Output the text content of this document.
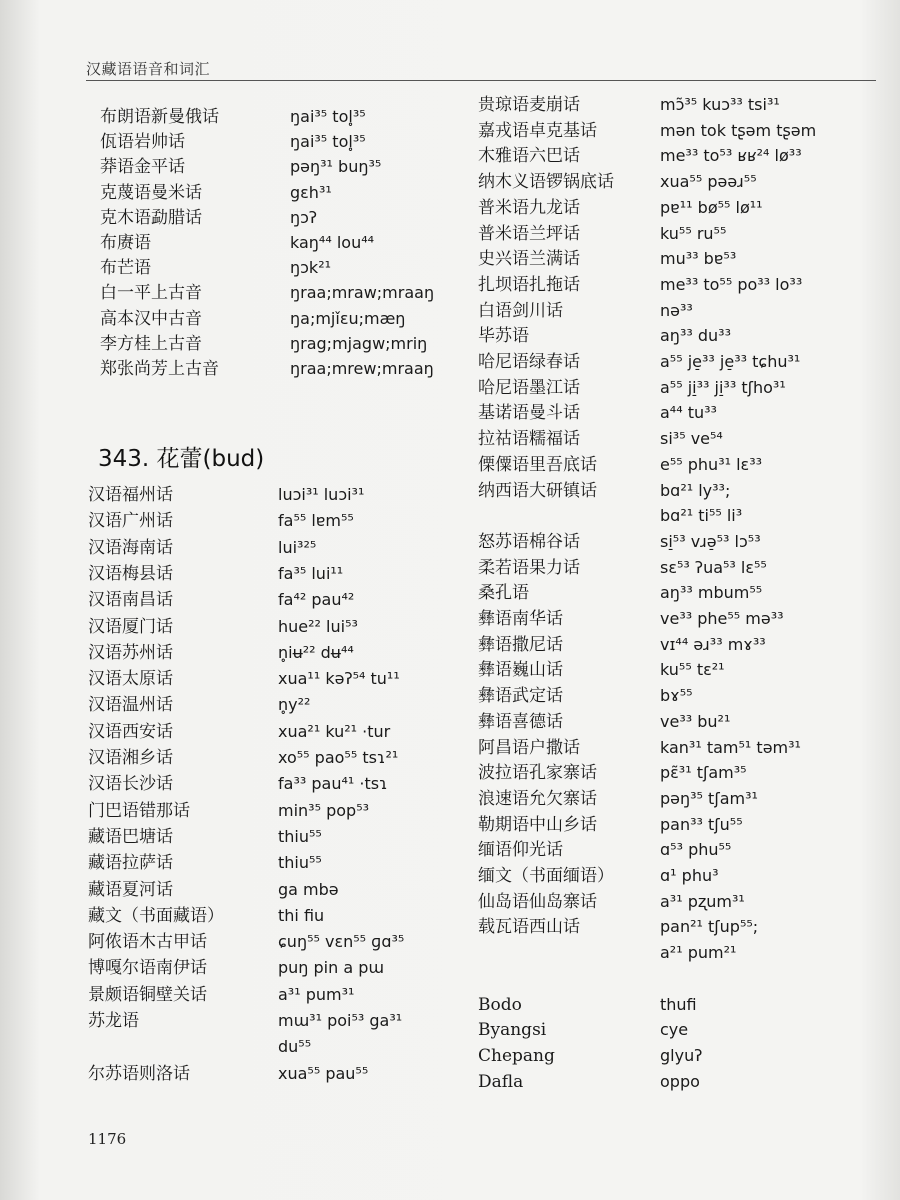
汉藏语语音和词汇
布朗语新曼俄话	ŋai³⁵ tol̥³⁵
佤语岩帅话	ŋai³⁵ tol̥³⁵
莽语金平话	pəŋ³¹ buŋ³⁵
克蔑语曼米话	gɛh³¹
克木语勐腊话	ŋɔʔ
布赓语	kaŋ⁴⁴ lou⁴⁴
布芒语	ŋɔk²¹
白一平上古音	ŋraa;mraw;mraaŋ
高本汉中古音	ŋa;mjǐɛu;mæŋ
李方桂上古音	ŋrag;mjagw;mriŋ
郑张尚芳上古音	ŋraa;mrew;mraaŋ
343. 花蕾(bud)
汉语福州话	luɔi³¹ luɔi³¹
汉语广州话	fa⁵⁵ lɐm⁵⁵
汉语海南话	lui³²⁵
汉语梅县话	fa³⁵ lui¹¹
汉语南昌话	fa⁴² pau⁴²
汉语厦门话	hue²² lui⁵³
汉语苏州话	n̥iʉ²² dʉ⁴⁴
汉语太原话	xua¹¹ kəʔ⁵⁴ tu¹¹
汉语温州话	n̥y²²
汉语西安话	xua²¹ ku²¹ ·tur
汉语湘乡话	xo⁵⁵ pao⁵⁵ tsɿ²¹
汉语长沙话	fa³³ pau⁴¹ ·tsɿ
门巴语错那话	min³⁵ pop⁵³
藏语巴塘话	thiu⁵⁵
藏语拉萨话	thiu⁵⁵
藏语夏河话	ga mbə
藏文（书面藏语）	thi fiu
阿侬语木古甲话	ɕuŋ⁵⁵ vɛn⁵⁵ ɡɑ³⁵
博嘎尔语南伊话	puŋ pin a pɯ
景颇语铜壁关话	a³¹ pum³¹
苏龙语	mɯ³¹ poi⁵³ ga³¹
du⁵⁵
尔苏语则洛话	xua⁵⁵ pau⁵⁵
贵琼语麦崩话	mɔ̃³⁵ kuɔ³³ tsi³¹
嘉戎语卓克基话	mən tok tʂəm tʂəm
木雅语六巴话	me³³ to⁵³ ʁʁ²⁴ lø³³
纳木义语锣锅底话	xua⁵⁵ pəəɹ⁵⁵
普米语九龙话	pɐ¹¹ bø⁵⁵ lø¹¹
普米语兰坪话	ku⁵⁵ ru⁵⁵
史兴语兰满话	mu³³ bɐ⁵³
扎坝语扎拖话	me³³ to⁵⁵ po³³ lo³³
白语剑川话	nə³³
毕苏语	aŋ³³ du³³
哈尼语绿春话	a⁵⁵ je̠³³ je̠³³ tɕhu³¹
哈尼语墨江话	a⁵⁵ ji̠³³ ji̠³³ tʃho³¹
基诺语曼斗话	a⁴⁴ tu³³
拉祜语糯福话	si³⁵ ve⁵⁴
傈僳语里吾底话	e⁵⁵ phu³¹ lɛ³³
纳西语大研镇话	bɑ²¹ ly³³;
bɑ²¹ ti⁵⁵ li³
怒苏语棉谷话	si̠⁵³ vɹə̠⁵³ lɔ⁵³
柔若语果力话	sɛ⁵³ ʔua⁵³ lɛ⁵⁵
桑孔语	aŋ³³ mbum⁵⁵
彝语南华话	ve³³ phe⁵⁵ mə³³
彝语撒尼话	vɪ⁴⁴ əɹ³³ mɤ³³
彝语巍山话	ku⁵⁵ tɛ²¹
彝语武定话	bɤ⁵⁵
彝语喜德话	ve³³ bu²¹
阿昌语户撒话	kan³¹ tam⁵¹ təm³¹
波拉语孔家寨话	pɛ̃³¹ tʃam³⁵
浪速语允欠寨话	pəŋ³⁵ tʃam³¹
勒期语中山乡话	pan³³ tʃu⁵⁵
缅语仰光话	ɑ⁵³ phu⁵⁵
缅文（书面缅语）	ɑ¹ phu³
仙岛语仙岛寨话	a³¹ pʐum³¹
载瓦语西山话	pan²¹ tʃup⁵⁵;
a²¹ pum²¹
Bodo	thufi
Byangsi	cye
Chepang	glyuʔ
Dafla	oppo
1176
